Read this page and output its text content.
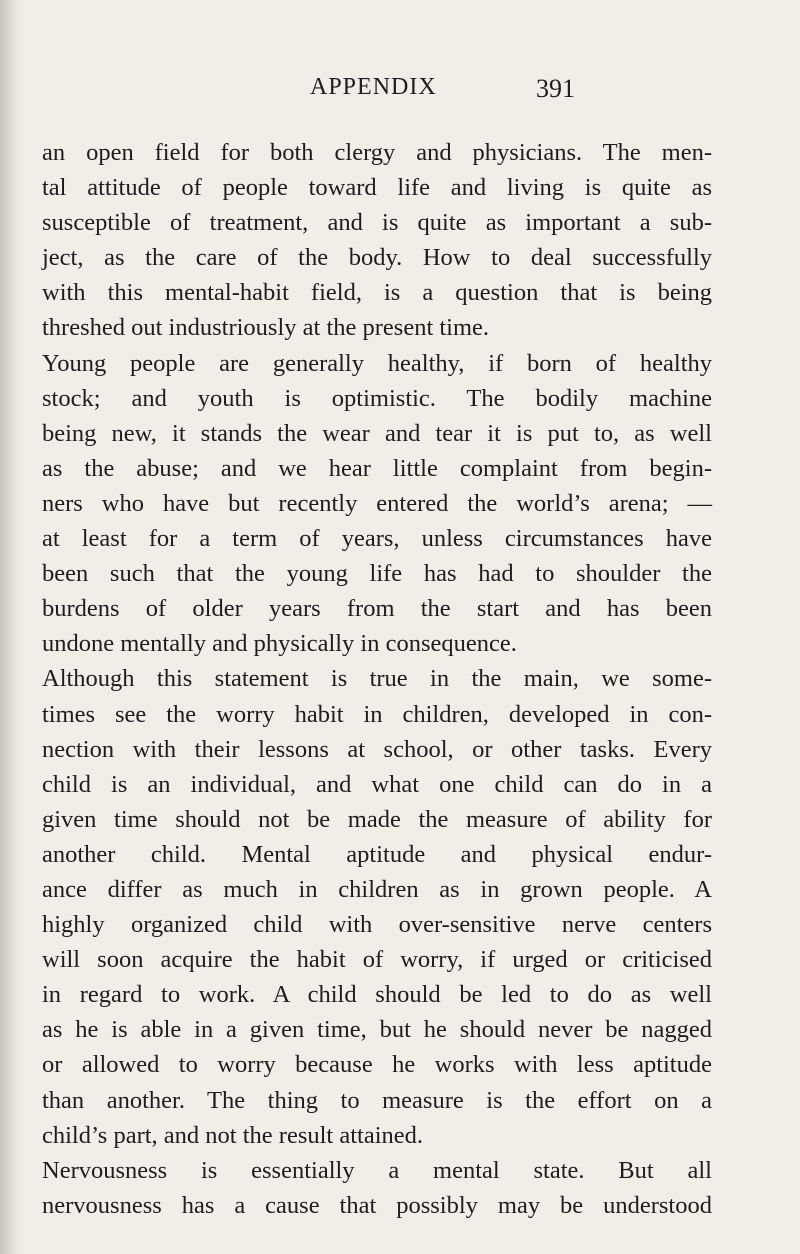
APPENDIX	391
an open field for both clergy and physicians. The men-
tal attitude of people toward life and living is quite as
susceptible of treatment, and is quite as important a sub-
ject, as the care of the body. How to deal successfully
with this mental-habit field, is a question that is being
threshed out industriously at the present time.
Young people are generally healthy, if born of healthy
stock; and youth is optimistic. The bodily machine
being new, it stands the wear and tear it is put to, as well
as the abuse; and we hear little complaint from begin-
ners who have but recently entered the world’s arena; —
at least for a term of years, unless circumstances have
been such that the young life has had to shoulder the
burdens of older years from the start and has been
undone mentally and physically in consequence.
Although this statement is true in the main, we some-
times see the worry habit in children, developed in con-
nection with their lessons at school, or other tasks. Every
child is an individual, and what one child can do in a
given time should not be made the measure of ability for
another child. Mental aptitude and physical endur-
ance differ as much in children as in grown people. A
highly organized child with over-sensitive nerve centers
will soon acquire the habit of worry, if urged or criticised
in regard to work. A child should be led to do as well
as he is able in a given time, but he should never be nagged
or allowed to worry because he works with less aptitude
than another. The thing to measure is the effort on a
child’s part, and not the result attained.
Nervousness is essentially a mental state. But all
nervousness has a cause that possibly may be understood
